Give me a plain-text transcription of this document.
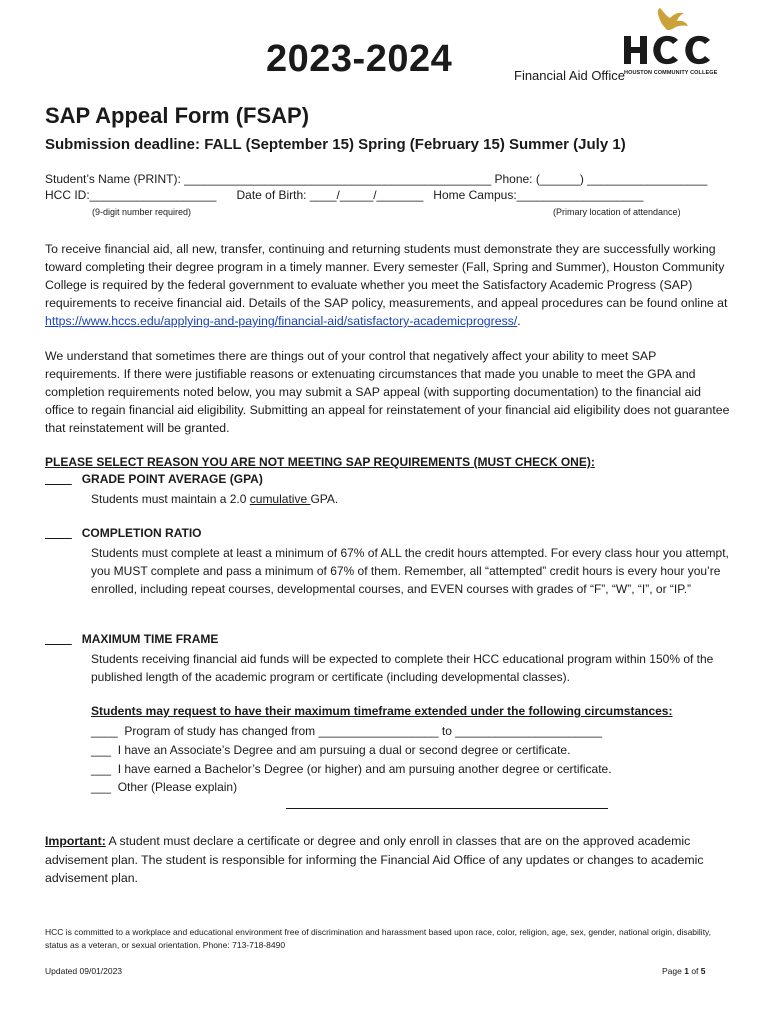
2023-2024	Financial Aid Office
HOUSTON COMMUNITY COLLEGE
SAP Appeal Form (FSAP)
Submission deadline: FALL (September 15) Spring (February 15) Summer (July 1)
Student’s Name (PRINT): ______________________________________________ Phone: (______) __________________
HCC ID:___________________      Date of Birth: ____/_____/_______   Home Campus:___________________
(9-digit number required)	(Primary location of attendance)
To receive financial aid, all new, transfer, continuing and returning students must demonstrate they are successfully working toward completing their degree program in a timely manner. Every semester (Fall, Spring and Summer), Houston Community College is required by the federal government to evaluate whether you meet the Satisfactory Academic Progress (SAP) requirements to receive financial aid. Details of the SAP policy, measurements, and appeal procedures can be found online at https://www.hccs.edu/applying-and-paying/financial-aid/satisfactory-academicprogress/.
We understand that sometimes there are things out of your control that negatively affect your ability to meet SAP requirements. If there were justifiable reasons or extenuating circumstances that made you unable to meet the GPA and completion requirements noted below, you may submit a SAP appeal (with supporting documentation) to the financial aid office to regain financial aid eligibility. Submitting an appeal for reinstatement of your financial aid eligibility does not guarantee that reinstatement will be granted.
PLEASE SELECT REASON YOU ARE NOT MEETING SAP REQUIREMENTS (MUST CHECK ONE):
____ GRADE POINT AVERAGE (GPA)
Students must maintain a 2.0 cumulative GPA.
____ COMPLETION RATIO
Students must complete at least a minimum of 67% of ALL the credit hours attempted. For every class hour you attempt, you MUST complete and pass a minimum of 67% of them. Remember, all “attempted” credit hours is every hour you’re enrolled, including repeat courses, developmental courses, and EVEN courses with grades of “F”, “W”, “I”, or “IP.”
____ MAXIMUM TIME FRAME
Students receiving financial aid funds will be expected to complete their HCC educational program within 150% of the published length of the academic program or certificate (including developmental classes).
Students may request to have their maximum timeframe extended under the following circumstances:
____  Program of study has changed from __________________ to ______________________
___  I have an Associate’s Degree and am pursuing a dual or second degree or certificate.
___  I have earned a Bachelor’s Degree (or higher) and am pursuing another degree or certificate.
___  Other (Please explain)
Important: A student must declare a certificate or degree and only enroll in classes that are on the approved academic advisement plan. The student is responsible for informing the Financial Aid Office of any updates or changes to academic advisement plan.
HCC is committed to a workplace and educational environment free of discrimination and harassment based upon race, color, religion, age, sex, gender, national origin, disability, status as a veteran, or sexual orientation. Phone: 713-718-8490
Updated 09/01/2023	Page 1 of 5
